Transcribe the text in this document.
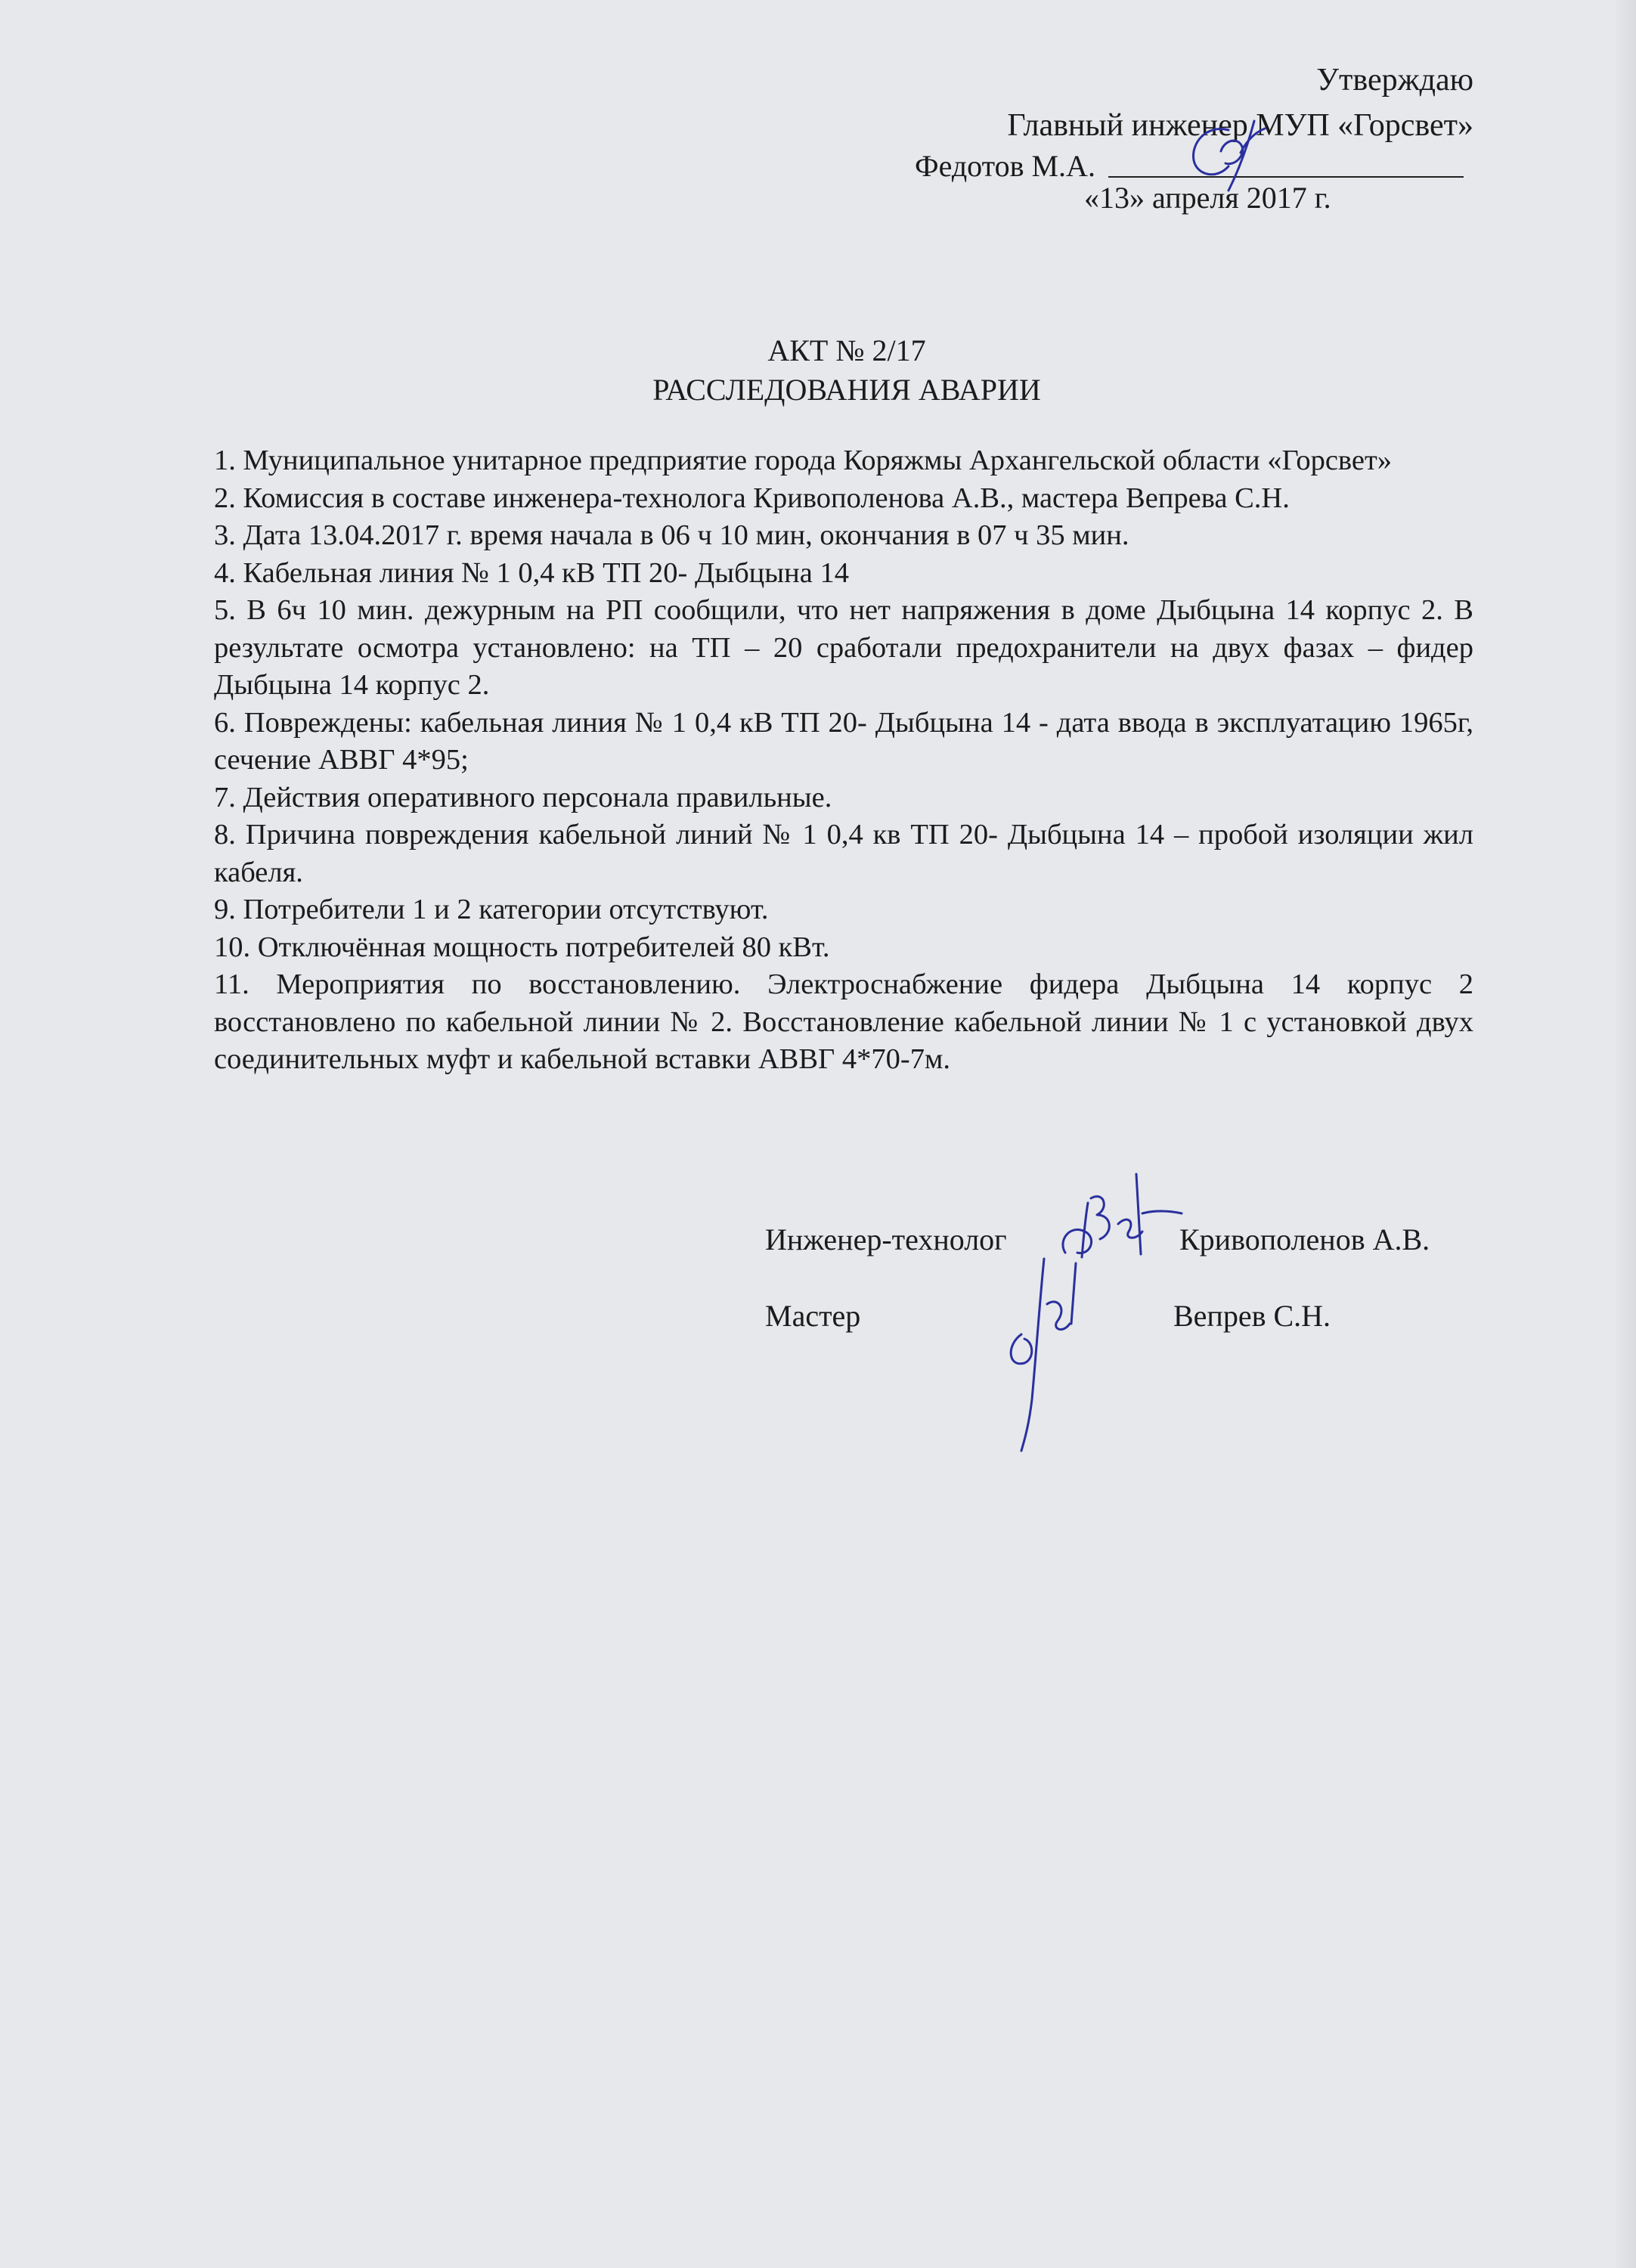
Утверждаю
Главный инженер МУП «Горсвет»
Федотов М.А.
«13» апреля 2017 г.
АКТ № 2/17
РАССЛЕДОВАНИЯ АВАРИИ

1. Муниципальное унитарное предприятие города Коряжмы Архангельской области «Горсвет»

2. Комиссия в составе инженера-технолога Кривополенова А.В., мастера Вепрева С.Н.

3. Дата 13.04.2017 г. время начала в 06 ч 10 мин, окончания в 07 ч 35 мин.

4. Кабельная линия № 1 0,4 кВ ТП 20- Дыбцына 14

5. В 6ч 10 мин. дежурным на РП сообщили, что нет напряжения в доме Дыбцына 14 корпус 2. В результате осмотра установлено: на ТП – 20 сработали предохранители на двух фазах – фидер Дыбцына 14 корпус 2.

6. Повреждены: кабельная линия № 1 0,4 кВ ТП 20- Дыбцына 14 - дата ввода в эксплуатацию 1965г, сечение АВВГ 4*95;

7. Действия оперативного персонала правильные.

8. Причина повреждения кабельной линий № 1 0,4 кв ТП 20- Дыбцына 14 – пробой изоляции жил кабеля.

9. Потребители 1 и 2 категории отсутствуют.

10. Отключённая мощность потребителей 80 кВт.

11. Мероприятия по восстановлению. Электроснабжение фидера Дыбцына 14 корпус 2 восстановлено по кабельной линии № 2. Восстановление кабельной линии № 1 с установкой двух соединительных муфт и кабельной вставки АВВГ 4*70-7м.

Инженер-технолог	Кривополенов А.В.
Мастер	Вепрев С.Н.
